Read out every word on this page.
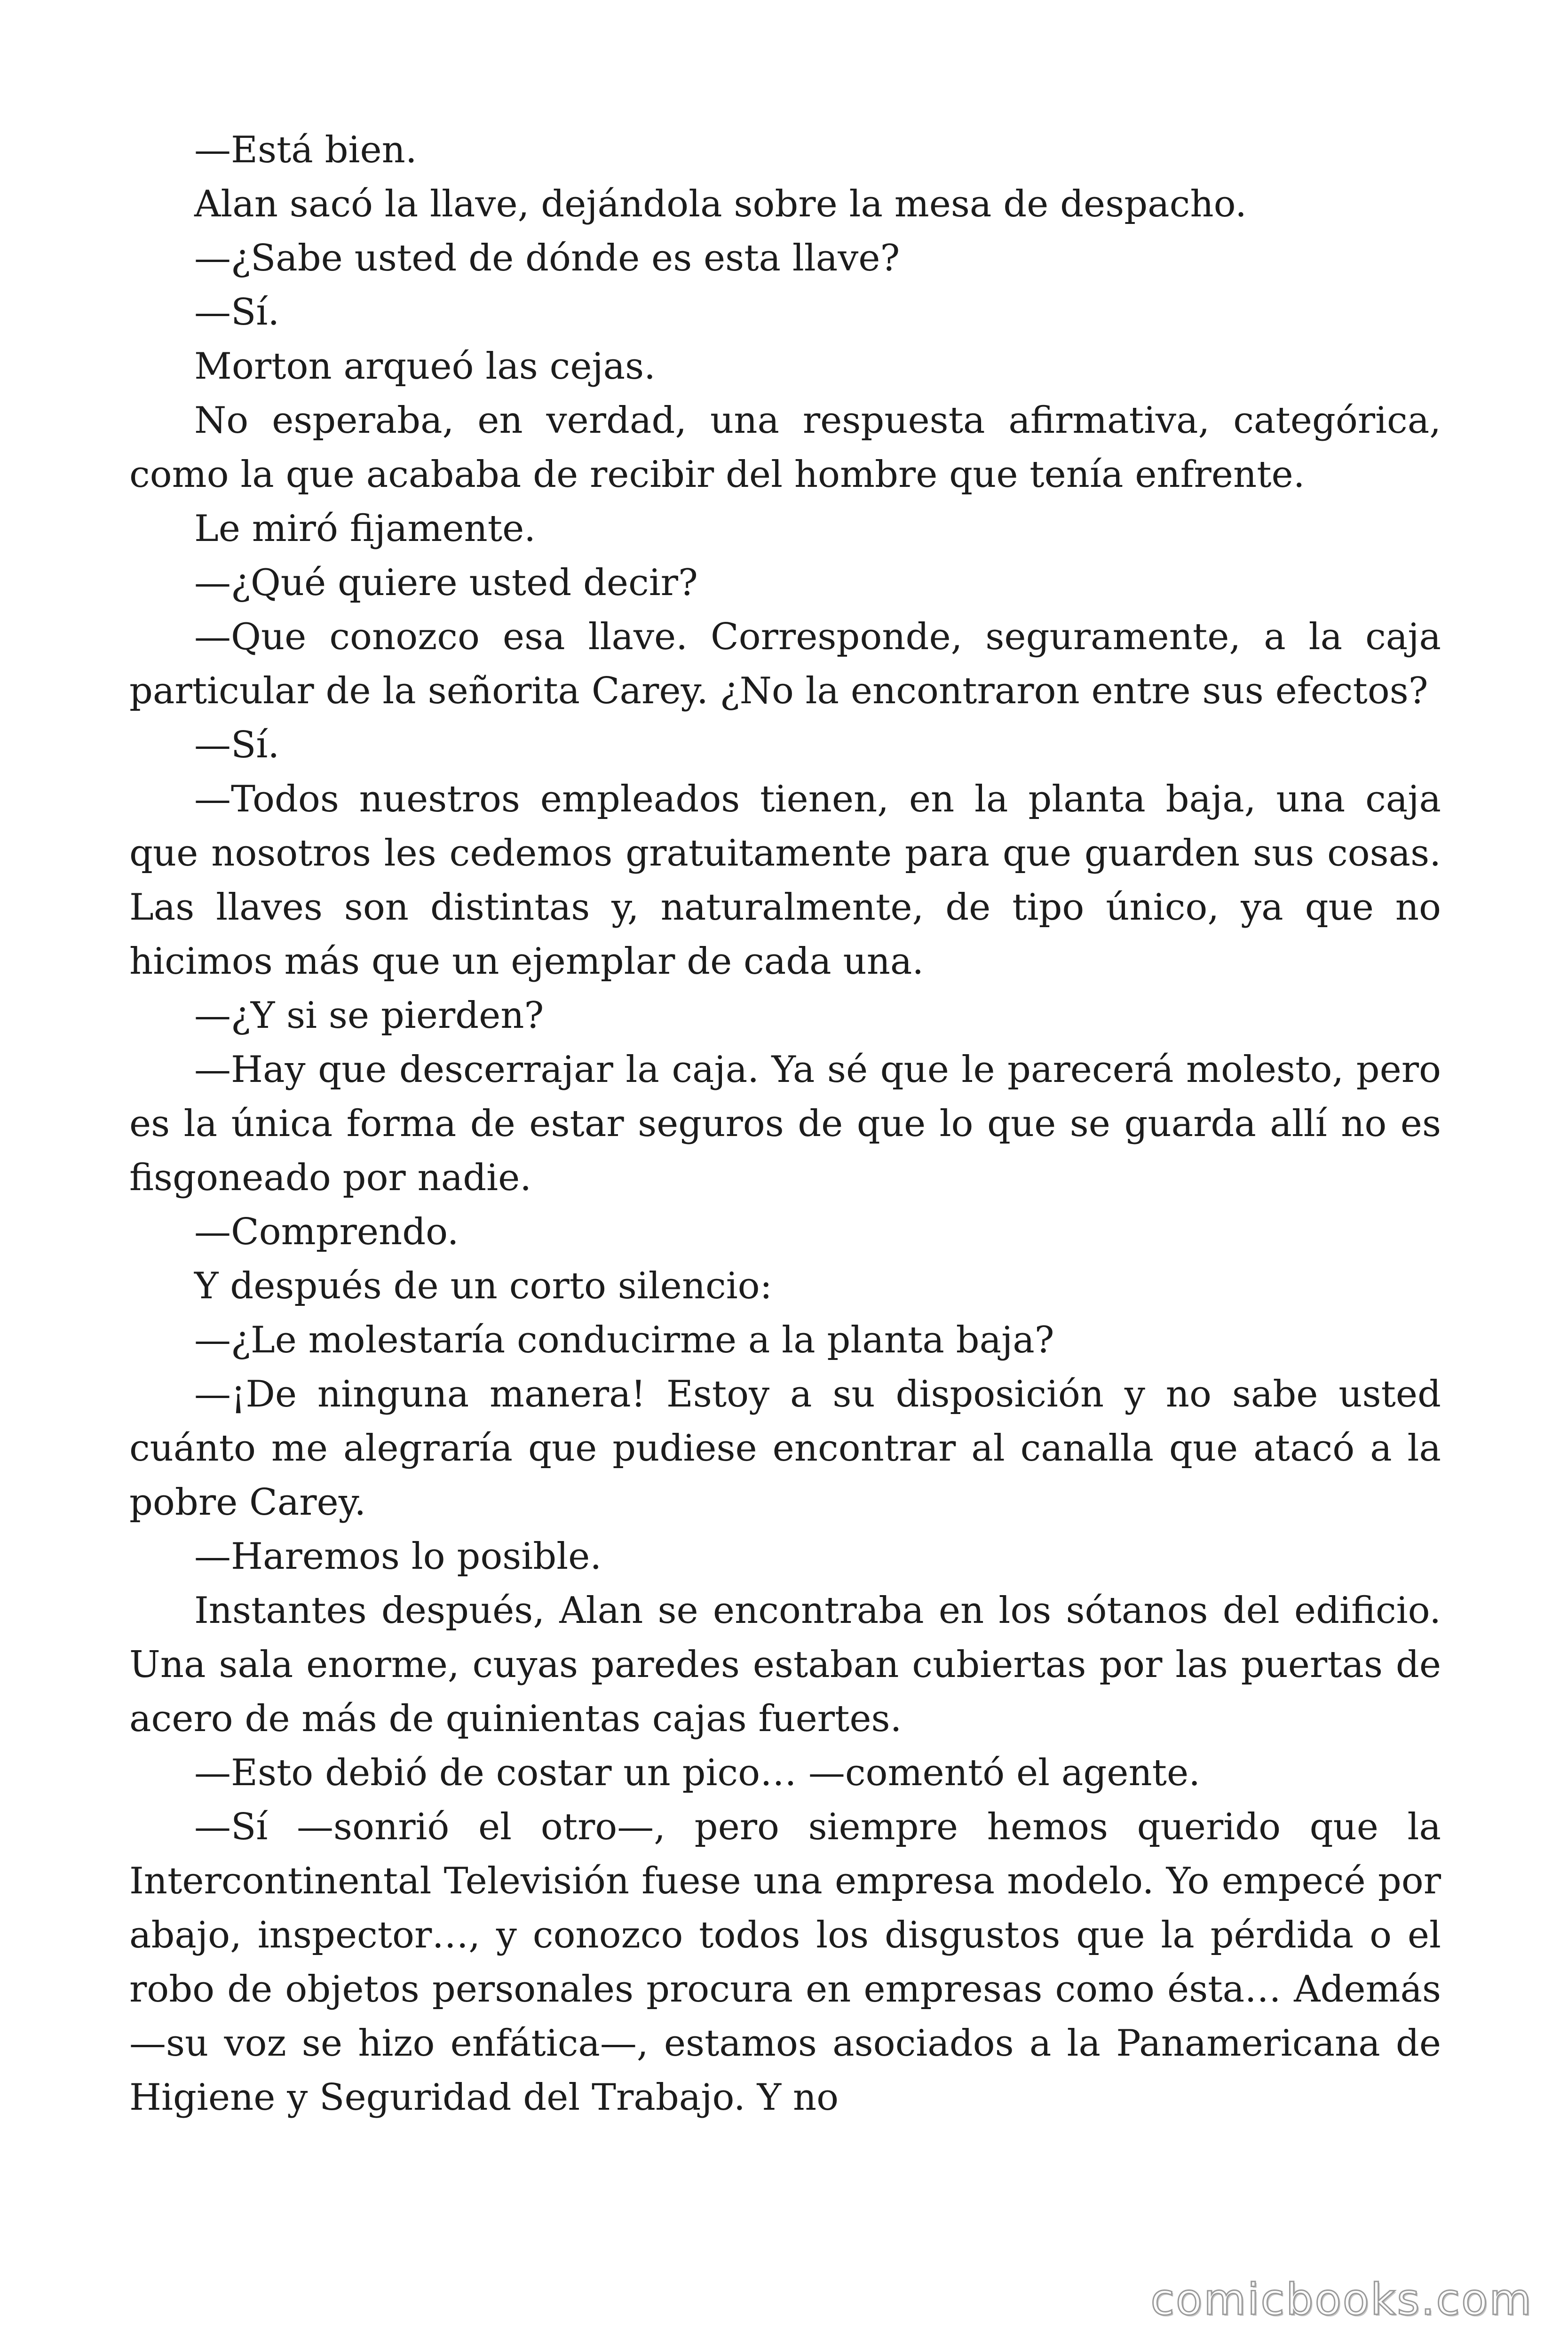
—Está bien.

Alan sacó la llave, dejándola sobre la mesa de despacho.

—¿Sabe usted de dónde es esta llave?

—Sí.

Morton arqueó las cejas.

No esperaba, en verdad, una respuesta afirmativa, categórica, como la que acababa de recibir del hombre que tenía enfrente.

Le miró fijamente.

—¿Qué quiere usted decir?

—Que conozco esa llave. Corresponde, seguramente, a la caja particular de la señorita Carey. ¿No la encontraron entre sus efectos?

—Sí.

—Todos nuestros empleados tienen, en la planta baja, una caja que nosotros les cedemos gratuitamente para que guarden sus cosas. Las llaves son distintas y, naturalmente, de tipo único, ya que no hicimos más que un ejemplar de cada una.

—¿Y si se pierden?

—Hay que descerrajar la caja. Ya sé que le parecerá molesto, pero es la única forma de estar seguros de que lo que se guarda allí no es fisgoneado por nadie.

—Comprendo.

Y después de un corto silencio:

—¿Le molestaría conducirme a la planta baja?

—¡De ninguna manera! Estoy a su disposición y no sabe usted cuánto me alegraría que pudiese encontrar al canalla que atacó a la pobre Carey.

—Haremos lo posible.

Instantes después, Alan se encontraba en los sótanos del edificio. Una sala enorme, cuyas paredes estaban cubiertas por las puertas de acero de más de quinientas cajas fuertes.

—Esto debió de costar un pico… —comentó el agente.

—Sí —sonrió el otro—, pero siempre hemos querido que la Intercontinental Televisión fuese una empresa modelo. Yo empecé por abajo, inspector…, y conozco todos los disgustos que la pérdida o el robo de objetos personales procura en empresas como ésta… Además —su voz se hizo enfática—, estamos asociados a la Panamericana de Higiene y Seguridad del Trabajo. Y no

comicbooks.com
